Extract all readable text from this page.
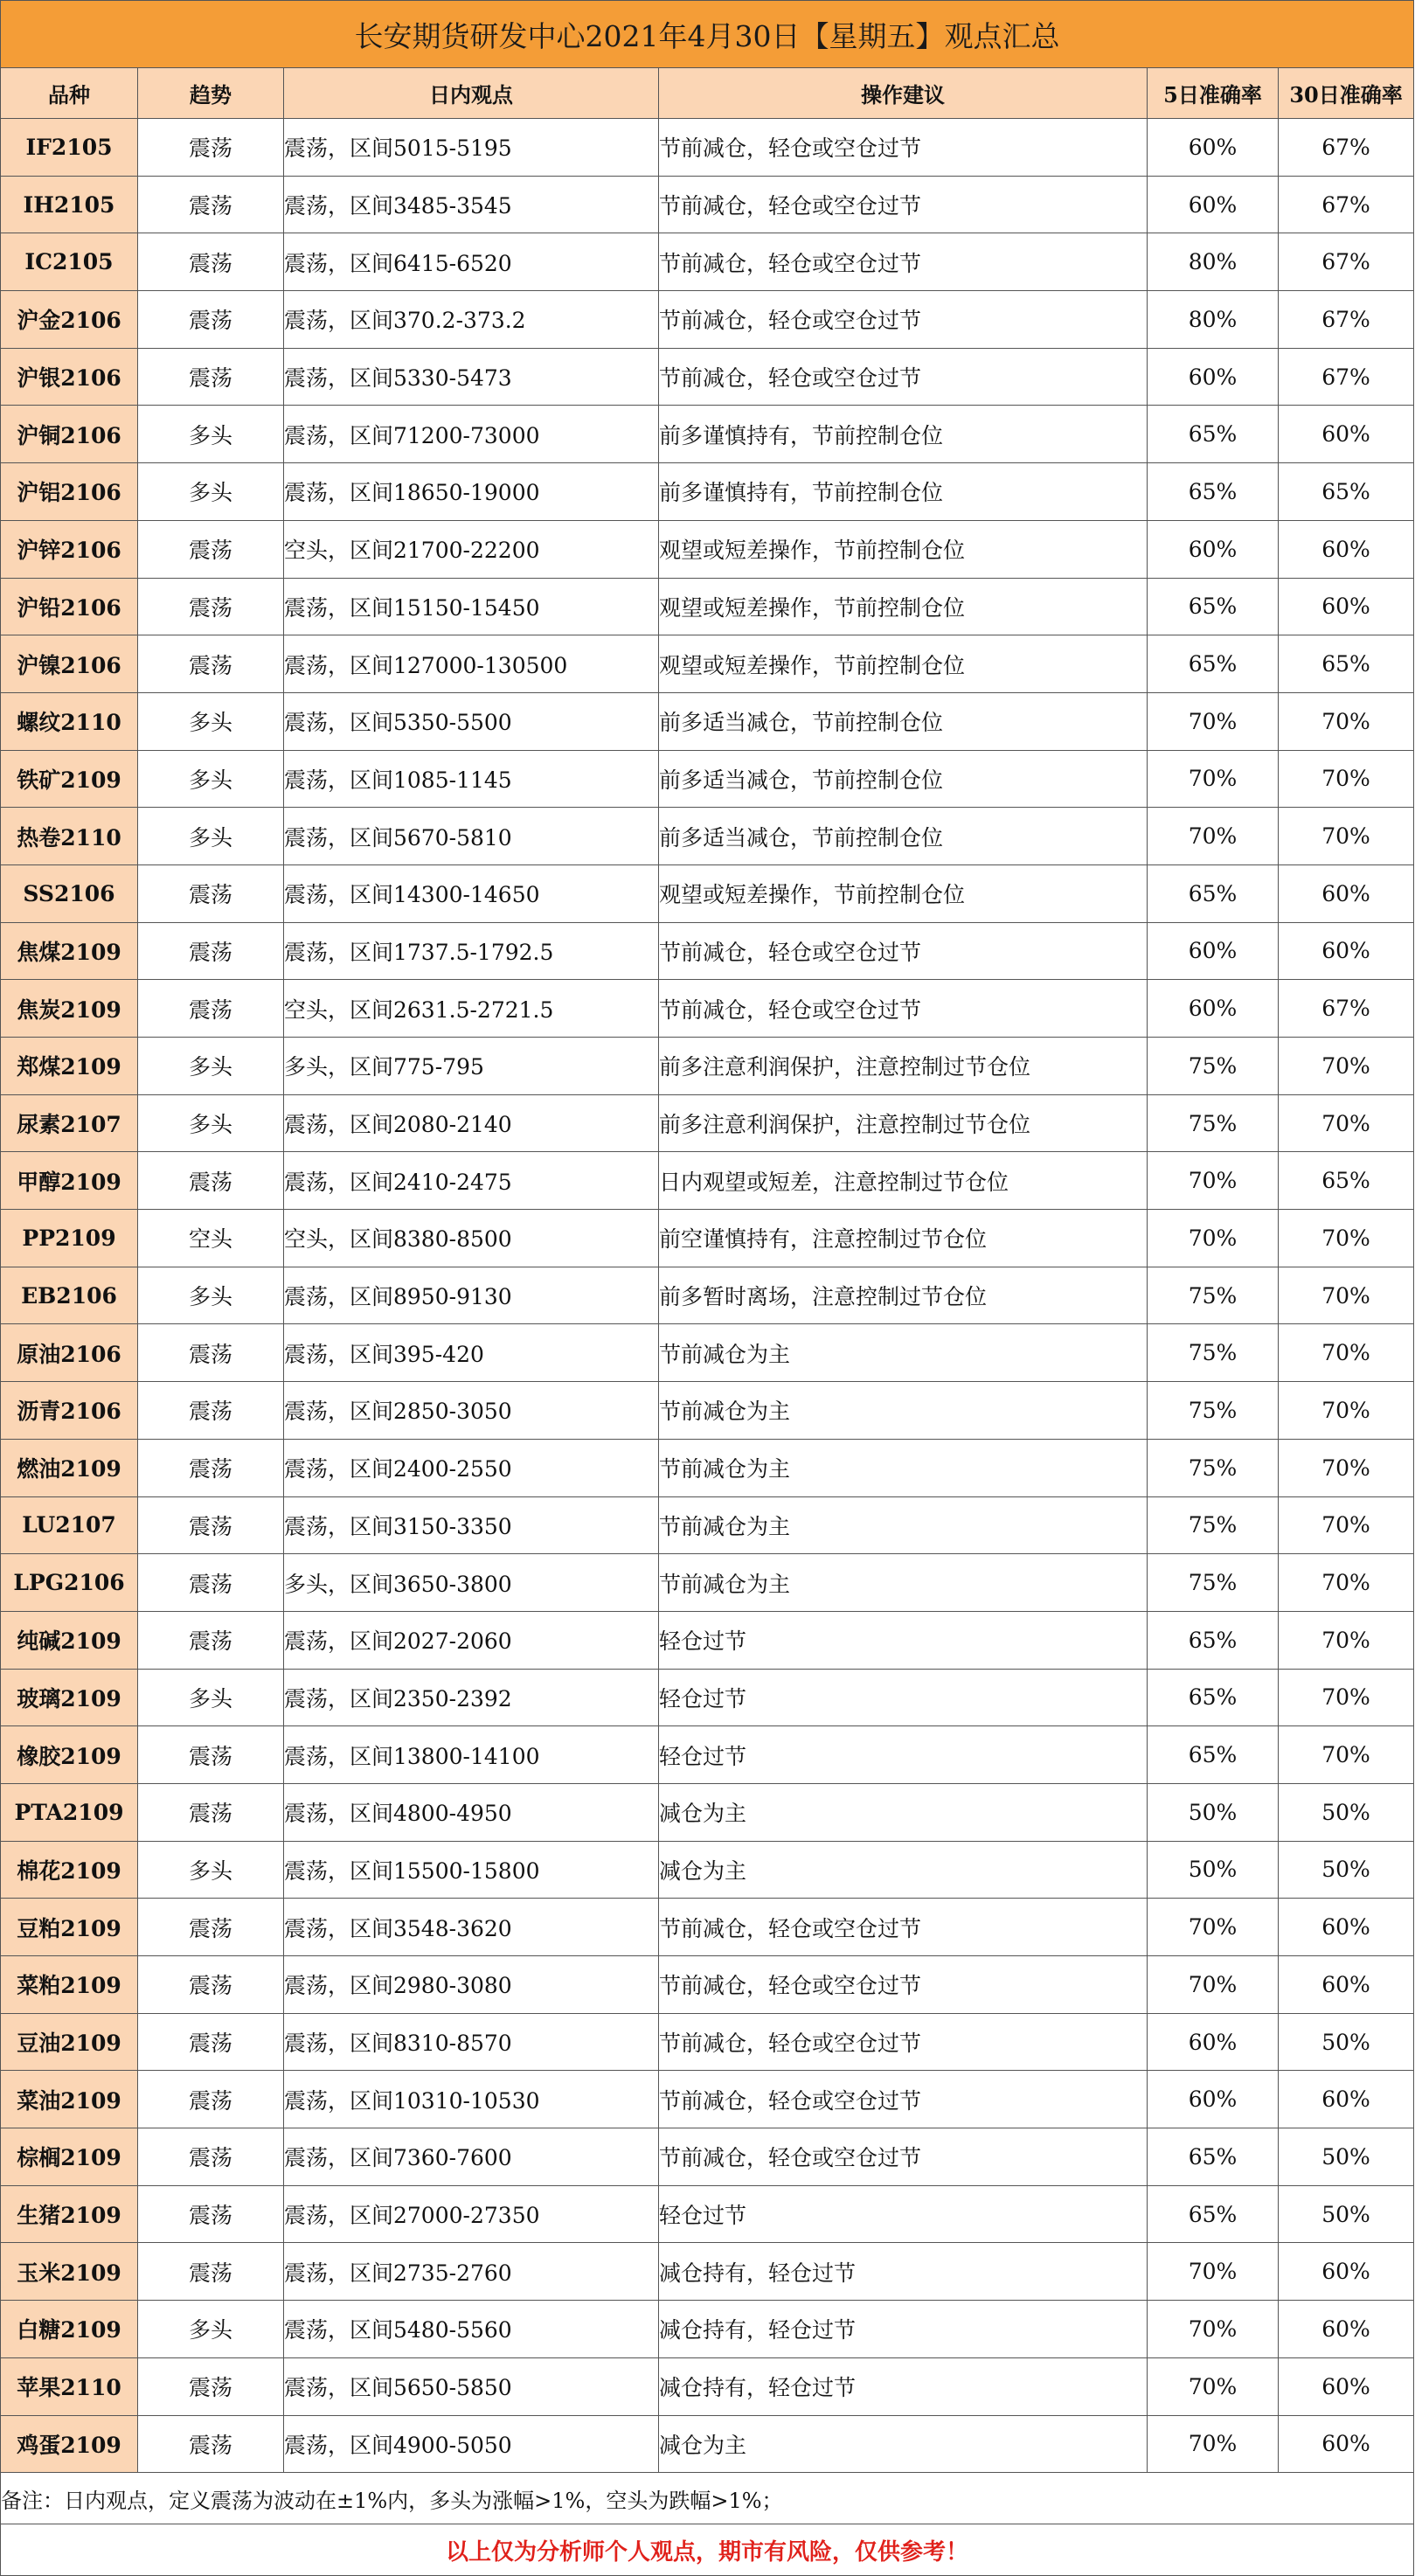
长安期货研发中心2021年4月30日【星期五】观点汇总					
品种	趋势	日内观点	操作建议	5日准确率	30日准确率
IF2105	震荡	震荡，区间5015-5195	节前减仓，轻仓或空仓过节	60%	67%
IH2105	震荡	震荡，区间3485-3545	节前减仓，轻仓或空仓过节	60%	67%
IC2105	震荡	震荡，区间6415-6520	节前减仓，轻仓或空仓过节	80%	67%
沪金2106	震荡	震荡，区间370.2-373.2	节前减仓，轻仓或空仓过节	80%	67%
沪银2106	震荡	震荡，区间5330-5473	节前减仓，轻仓或空仓过节	60%	67%
沪铜2106	多头	震荡，区间71200-73000	前多谨慎持有，节前控制仓位	65%	60%
沪铝2106	多头	震荡，区间18650-19000	前多谨慎持有，节前控制仓位	65%	65%
沪锌2106	震荡	空头，区间21700-22200	观望或短差操作，节前控制仓位	60%	60%
沪铅2106	震荡	震荡，区间15150-15450	观望或短差操作，节前控制仓位	65%	60%
沪镍2106	震荡	震荡，区间127000-130500	观望或短差操作，节前控制仓位	65%	65%
螺纹2110	多头	震荡，区间5350-5500	前多适当减仓，节前控制仓位	70%	70%
铁矿2109	多头	震荡，区间1085-1145	前多适当减仓，节前控制仓位	70%	70%
热卷2110	多头	震荡，区间5670-5810	前多适当减仓，节前控制仓位	70%	70%
SS2106	震荡	震荡，区间14300-14650	观望或短差操作，节前控制仓位	65%	60%
焦煤2109	震荡	震荡，区间1737.5-1792.5	节前减仓，轻仓或空仓过节	60%	60%
焦炭2109	震荡	空头，区间2631.5-2721.5	节前减仓，轻仓或空仓过节	60%	67%
郑煤2109	多头	多头，区间775-795	前多注意利润保护，注意控制过节仓位	75%	70%
尿素2107	多头	震荡，区间2080-2140	前多注意利润保护，注意控制过节仓位	75%	70%
甲醇2109	震荡	震荡，区间2410-2475	日内观望或短差，注意控制过节仓位	70%	65%
PP2109	空头	空头，区间8380-8500	前空谨慎持有，注意控制过节仓位	70%	70%
EB2106	多头	震荡，区间8950-9130	前多暂时离场，注意控制过节仓位	75%	70%
原油2106	震荡	震荡，区间395-420	节前减仓为主	75%	70%
沥青2106	震荡	震荡，区间2850-3050	节前减仓为主	75%	70%
燃油2109	震荡	震荡，区间2400-2550	节前减仓为主	75%	70%
LU2107	震荡	震荡，区间3150-3350	节前减仓为主	75%	70%
LPG2106	震荡	多头，区间3650-3800	节前减仓为主	75%	70%
纯碱2109	震荡	震荡，区间2027-2060	轻仓过节	65%	70%
玻璃2109	多头	震荡，区间2350-2392	轻仓过节	65%	70%
橡胶2109	震荡	震荡，区间13800-14100	轻仓过节	65%	70%
PTA2109	震荡	震荡，区间4800-4950	减仓为主	50%	50%
棉花2109	多头	震荡，区间15500-15800	减仓为主	50%	50%
豆粕2109	震荡	震荡，区间3548-3620	节前减仓，轻仓或空仓过节	70%	60%
菜粕2109	震荡	震荡，区间2980-3080	节前减仓，轻仓或空仓过节	70%	60%
豆油2109	震荡	震荡，区间8310-8570	节前减仓，轻仓或空仓过节	60%	50%
菜油2109	震荡	震荡，区间10310-10530	节前减仓，轻仓或空仓过节	60%	60%
棕榈2109	震荡	震荡，区间7360-7600	节前减仓，轻仓或空仓过节	65%	50%
生猪2109	震荡	震荡，区间27000-27350	轻仓过节	65%	50%
玉米2109	震荡	震荡，区间2735-2760	减仓持有，轻仓过节	70%	60%
白糖2109	多头	震荡，区间5480-5560	减仓持有，轻仓过节	70%	60%
苹果2110	震荡	震荡，区间5650-5850	减仓持有，轻仓过节	70%	60%
鸡蛋2109	震荡	震荡，区间4900-5050	减仓为主	70%	60%
备注：日内观点，定义震荡为波动在±1%内，多头为涨幅>1%，空头为跌幅>1%；					
以上仅为分析师个人观点，期市有风险，仅供参考！					
